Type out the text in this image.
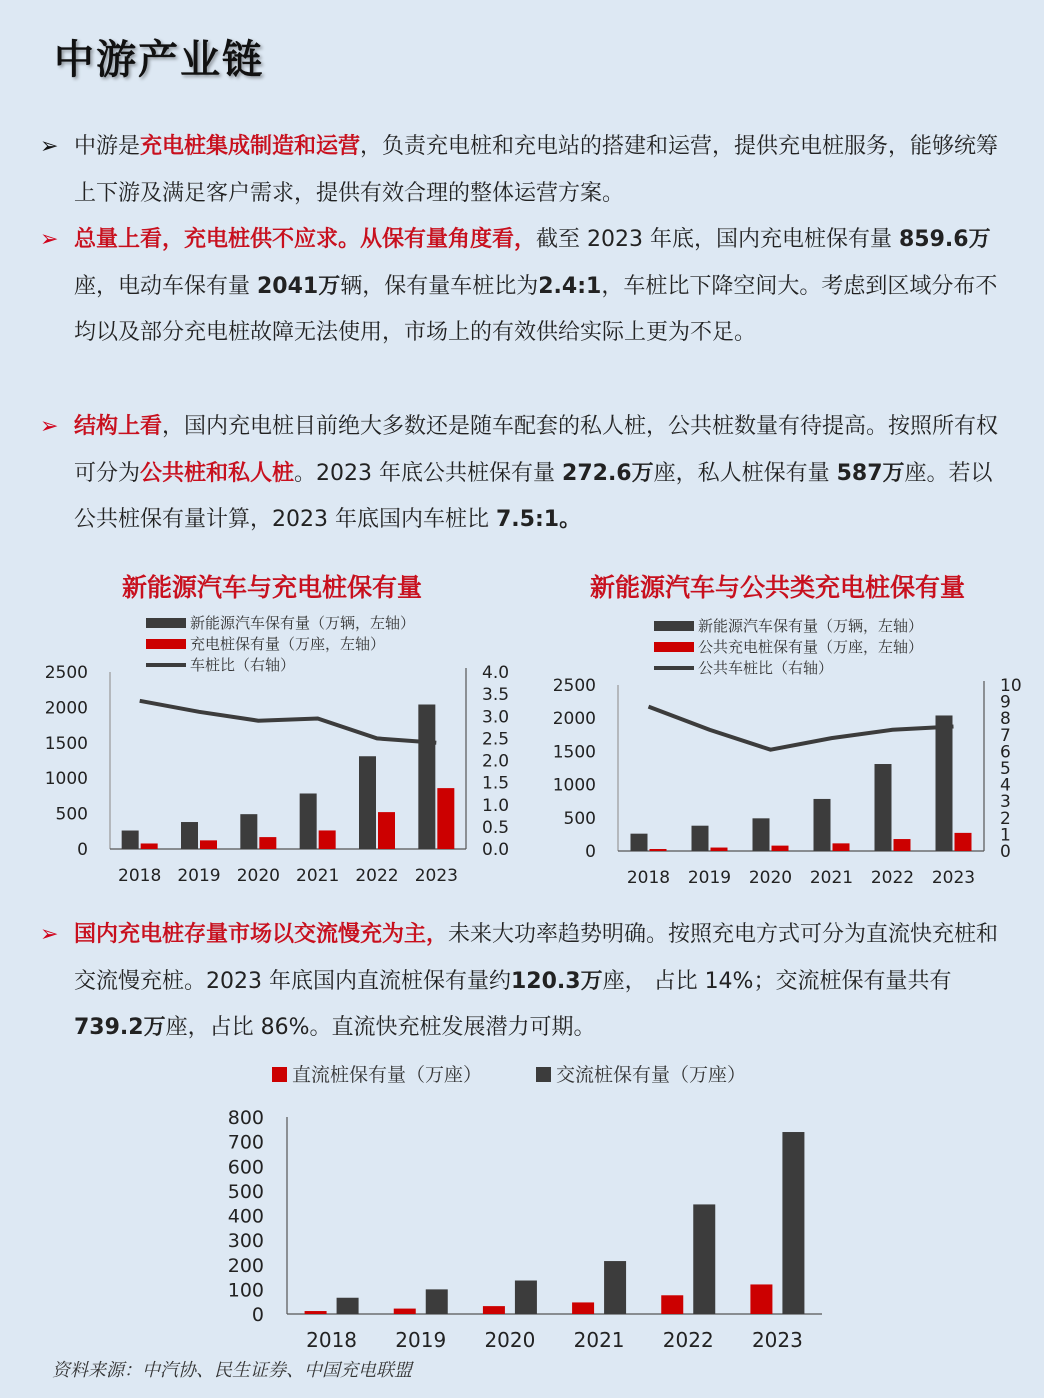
中游产业链
➢ 中游是充电桩集成制造和运营，负责充电桩和充电站的搭建和运营，提供充电桩服务，能够统筹上下游及满足客户需求，提供有效合理的整体运营方案。
➢ 总量上看，充电桩供不应求。从保有量角度看，截至 2023 年底，国内充电桩保有量 859.6万座，电动车保有量 2041万辆，保有量车桩比为2.4:1，车桩比下降空间大。考虑到区域分布不均以及部分充电桩故障无法使用，市场上的有效供给实际上更为不足。
➢ 结构上看，国内充电桩目前绝大多数还是随车配套的私人桩，公共桩数量有待提高。按照所有权可分为公共桩和私人桩。2023 年底公共桩保有量 272.6万座，私人桩保有量 587万座。若以公共桩保有量计算，2023 年底国内车桩比 7.5:1。
➢ 国内充电桩存量市场以交流慢充为主，未来大功率趋势明确。按照充电方式可分为直流快充桩和交流慢充桩。2023 年底国内直流桩保有量约120.3万座， 占比 14%；交流桩保有量共有739.2万座，占比 86%。直流快充桩发展潜力可期。
新能源汽车与充电桩保有量	新能源汽车与公共类充电桩保有量
新能源汽车保有量（万辆，左轴）
充电桩保有量（万座，左轴）
车桩比（右轴）
2500
2000
1500
1000
500
0
4.0
3.5
3.0
2.5
2.0
1.5
1.0
0.5
0.0
2018 2019 2020 2021 2022 2023
新能源汽车保有量（万辆，左轴）
公共充电桩保有量（万座，左轴）
公共车桩比（右轴）
2500
2000
1500
1000
500
0
10
9
8
7
6
5
4
3
2
1
0
2018 2019 2020 2021 2022 2023
直流桩保有量（万座）	交流桩保有量（万座）
800
700
600
500
400
300
200
100
0
2018 2019 2020 2021 2022 2023
资料来源：中汽协、民生证券、中国充电联盟
